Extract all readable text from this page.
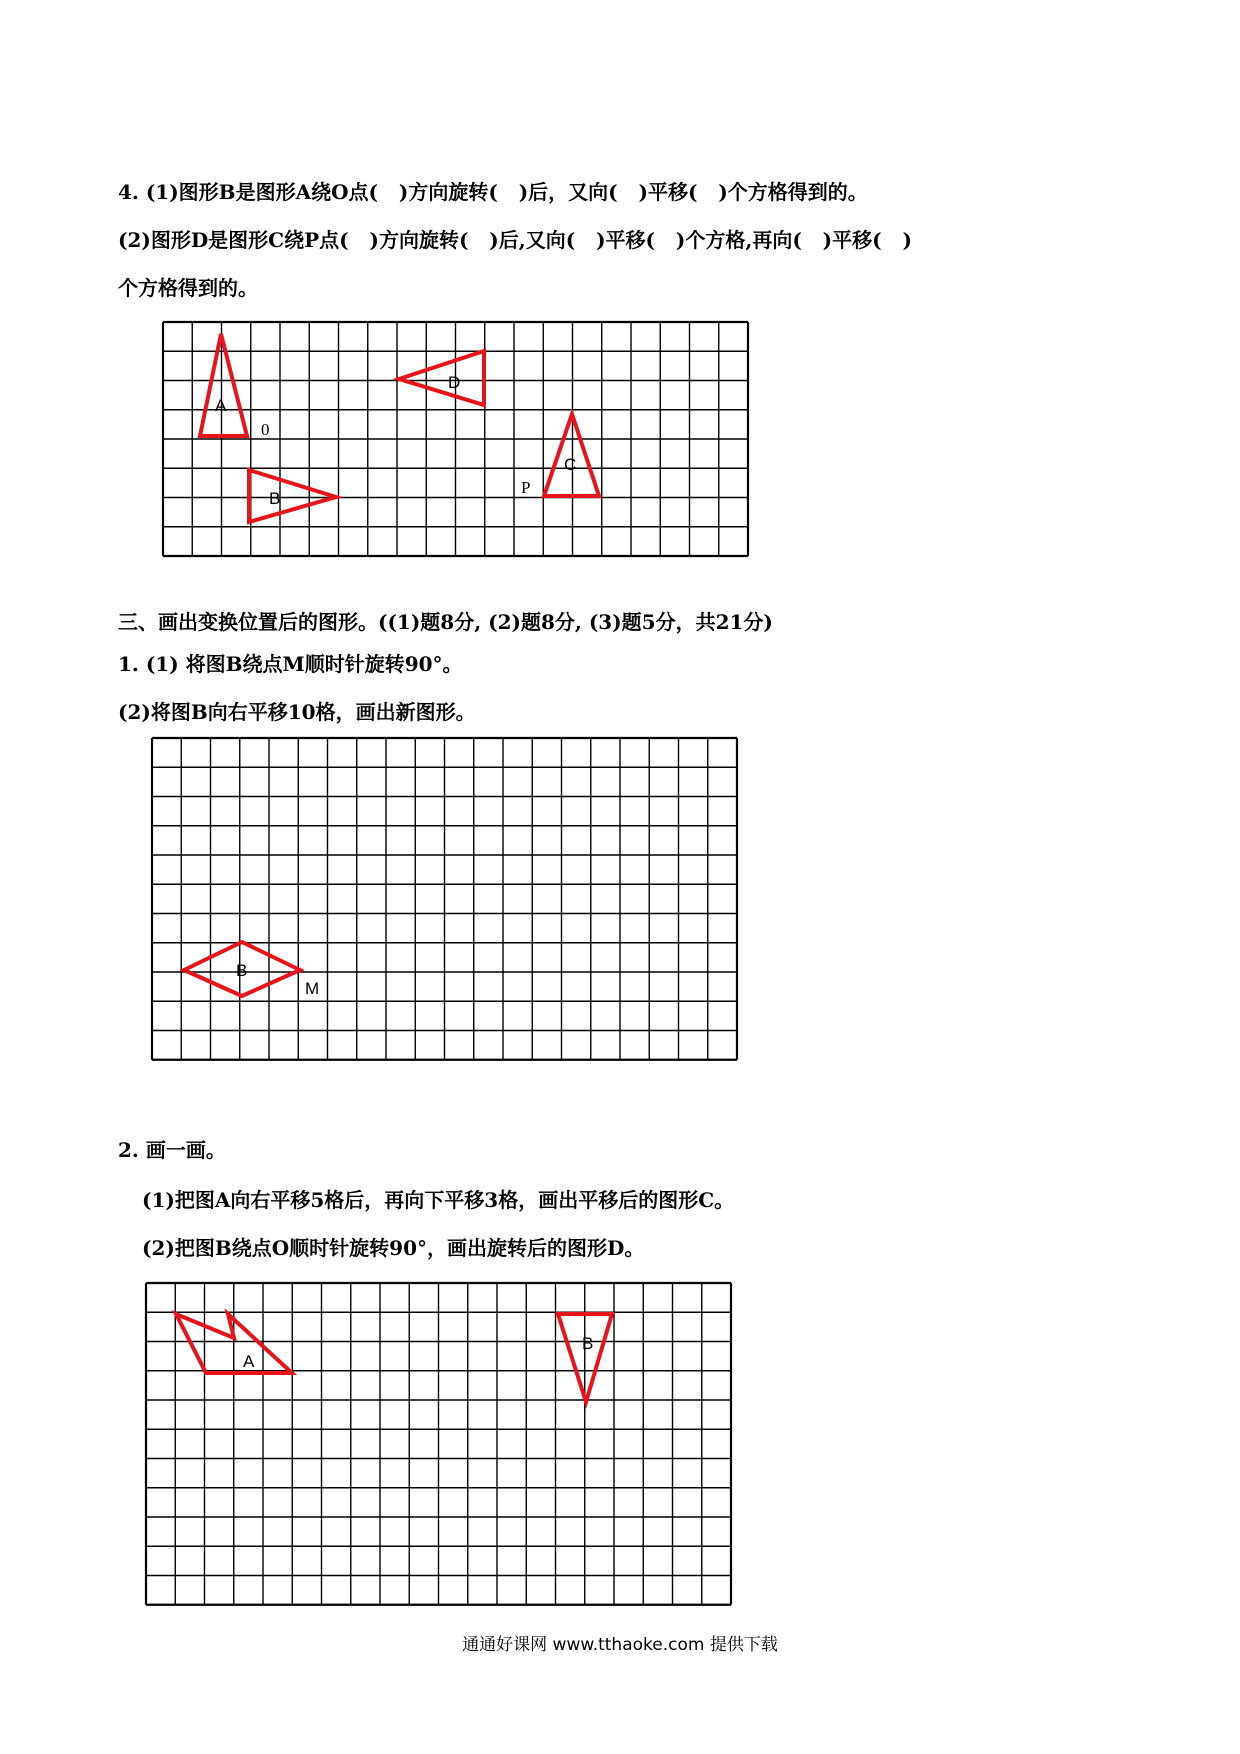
4. (1)图形B是图形A绕O点(   )方向旋转(   )后，又向(   )平移(   )个方格得到的。
(2)图形D是图形C绕P点(   )方向旋转(   )后,又向(   )平移(   )个方格,再向(   )平移(   )
个方格得到的。
A
B
C
D
0
P
三、画出变换位置后的图形。((1)题8分, (2)题8分, (3)题5分，共21分)
1. (1) 将图B绕点M顺时针旋转90°。
(2)将图B向右平移10格，画出新图形。
B
M
2. 画一画。
(1)把图A向右平移5格后，再向下平移3格，画出平移后的图形C。
(2)把图B绕点O顺时针旋转90°，画出旋转后的图形D。
A
B
通通好课网 www.tthaoke.com 提供下载
